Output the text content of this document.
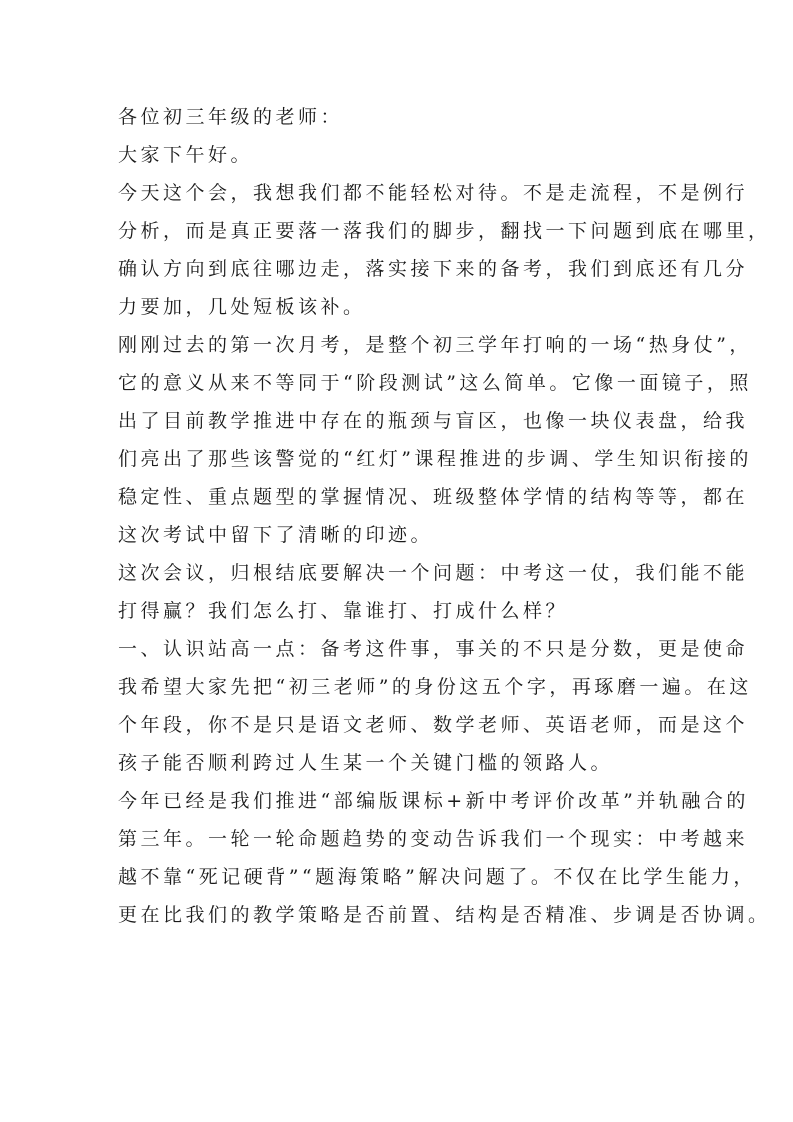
各位初三年级的老师：
大家下午好。
今天这个会，我想我们都不能轻松对待。不是走流程，不是例行
分析，而是真正要落一落我们的脚步，翻找一下问题到底在哪里，
确认方向到底往哪边走，落实接下来的备考，我们到底还有几分
力要加，几处短板该补。
刚刚过去的第一次月考，是整个初三学年打响的一场“热身仗”，
它的意义从来不等同于“阶段测试”这么简单。它像一面镜子，照
出了目前教学推进中存在的瓶颈与盲区，也像一块仪表盘，给我
们亮出了那些该警觉的“红灯”课程推进的步调、学生知识衔接的
稳定性、重点题型的掌握情况、班级整体学情的结构等等，都在
这次考试中留下了清晰的印迹。
这次会议，归根结底要解决一个问题：中考这一仗，我们能不能
打得赢？我们怎么打、靠谁打、打成什么样？
一、认识站高一点：备考这件事，事关的不只是分数，更是使命
我希望大家先把“初三老师”的身份这五个字，再琢磨一遍。在这
个年段，你不是只是语文老师、数学老师、英语老师，而是这个
孩子能否顺利跨过人生某一个关键门槛的领路人。
今年已经是我们推进“部编版课标+新中考评价改革”并轨融合的
第三年。一轮一轮命题趋势的变动告诉我们一个现实：中考越来
越不靠“死记硬背”“题海策略”解决问题了。不仅在比学生能力，
更在比我们的教学策略是否前置、结构是否精准、步调是否协调。
